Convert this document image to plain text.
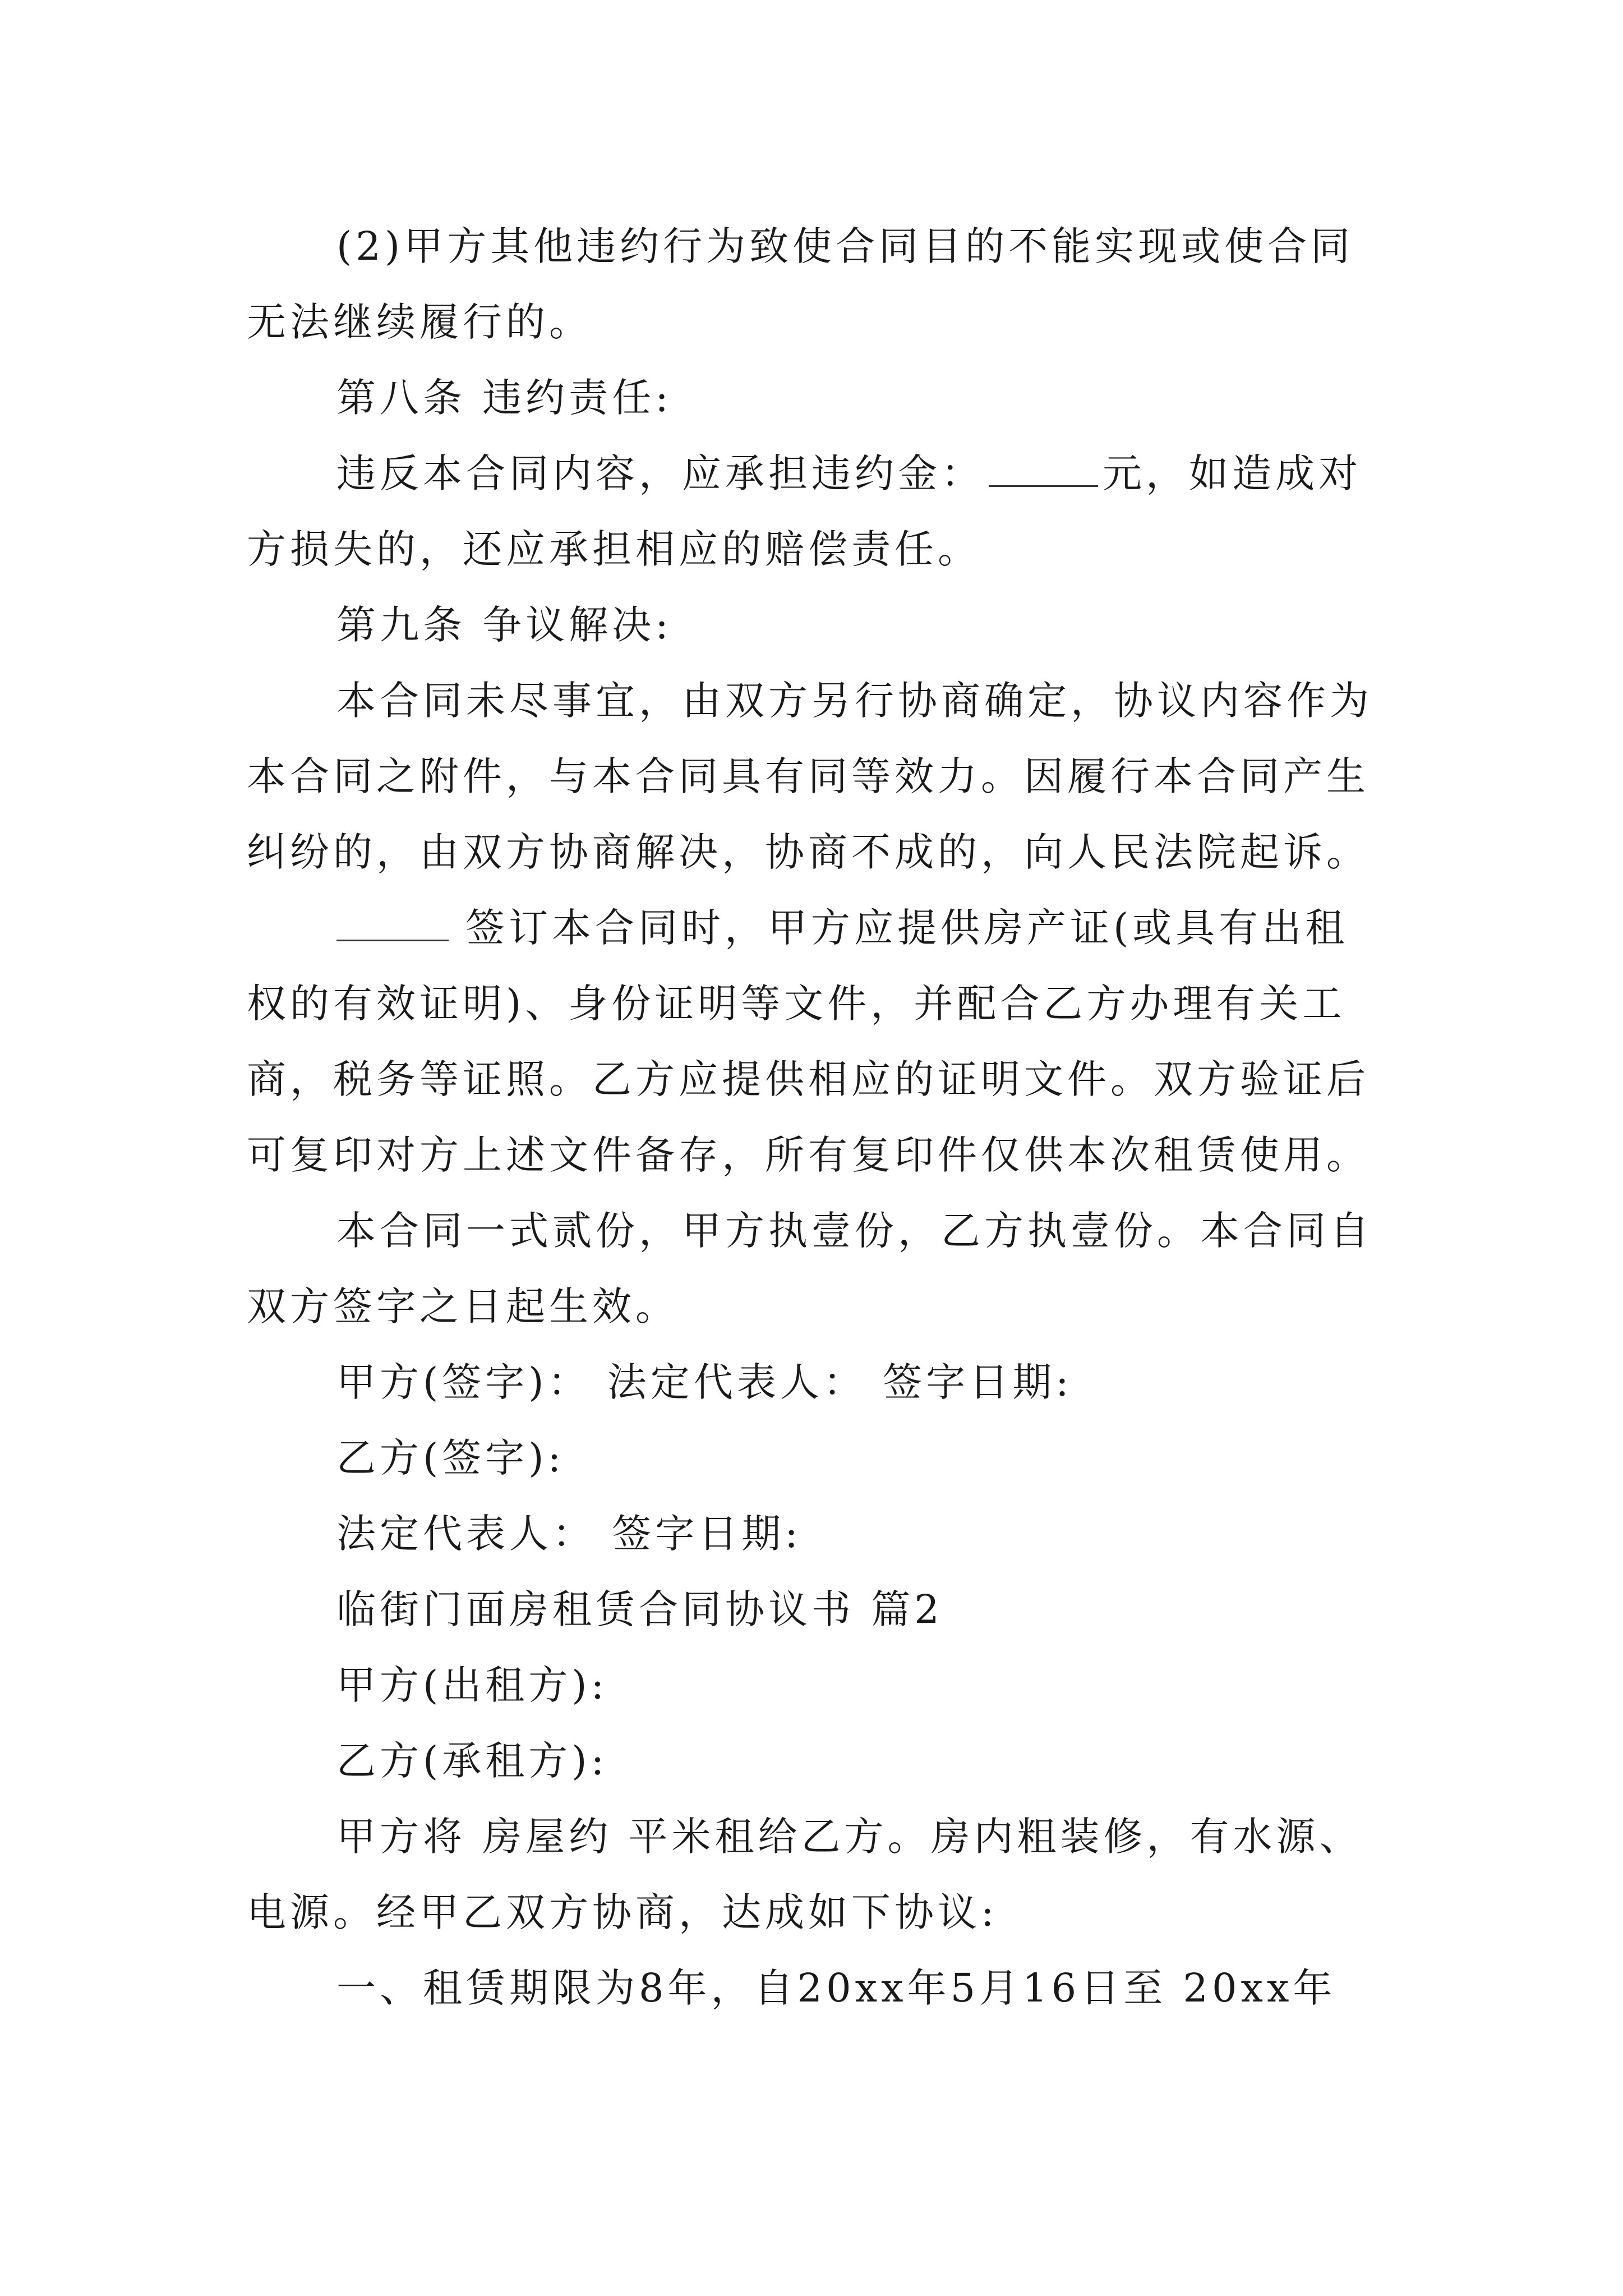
(2)甲方其他违约行为致使合同目的不能实现或使合同
无法继续履行的。
第八条 违约责任:
违反本合同内容，应承担违约金：	元，如造成对
方损失的，还应承担相应的赔偿责任。
第九条 争议解决:
本合同未尽事宜，由双方另行协商确定，协议内容作为
本合同之附件，与本合同具有同等效力。因履行本合同产生
纠纷的，由双方协商解决，协商不成的，向人民法院起诉。
签订本合同时，甲方应提供房产证(或具有出租
权的有效证明)、身份证明等文件，并配合乙方办理有关工
商，税务等证照。乙方应提供相应的证明文件。双方验证后
可复印对方上述文件备存，所有复印件仅供本次租赁使用。
本合同一式贰份，甲方执壹份，乙方执壹份。本合同自
双方签字之日起生效。
甲方(签字)： 法定代表人： 签字日期:
乙方(签字):
法定代表人： 签字日期:
临街门面房租赁合同协议书 篇2
甲方(出租方):
乙方(承租方):
甲方将 房屋约 平米租给乙方。房内粗装修，有水源、
电源。经甲乙双方协商，达成如下协议:
一、租赁期限为8年，自20xx年5月16日至 20xx年
